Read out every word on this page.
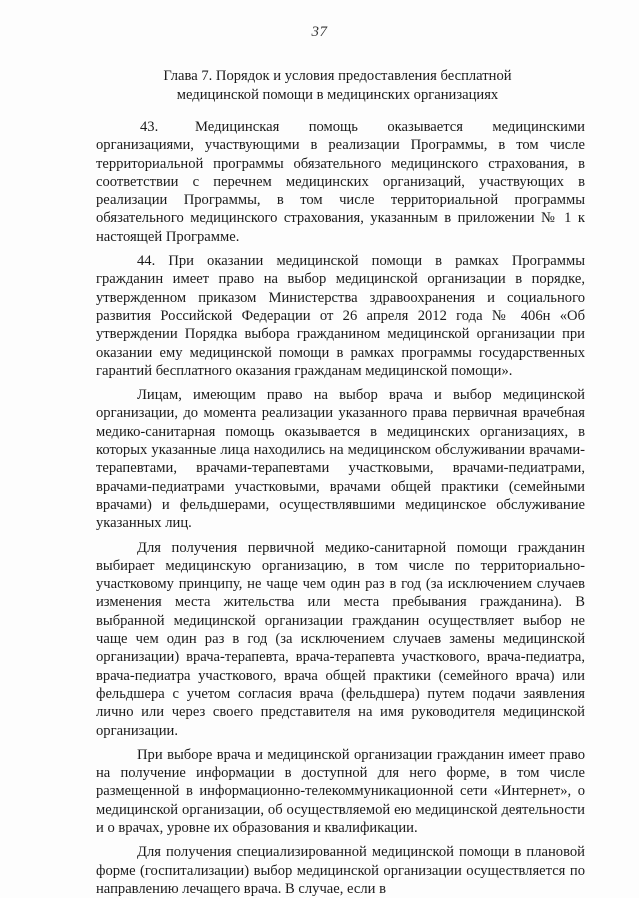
37
Глава 7. Порядок и условия предоставления бесплатной
медицинской помощи в медицинских организациях

43.     Медицинская    помощь    оказывается    медицинскими организациями, участвующими в реализации Программы, в том числе территориальной программы обязательного медицинского страхования, в соответствии с перечнем медицинских организаций, участвующих в реализации Программы, в том числе территориальной программы обязательного медицинского страхования, указанным в приложении № 1 к настоящей Программе.

44. При оказании медицинской помощи в рамках Программы гражданин имеет право на выбор медицинской организации в порядке, утвержденном приказом Министерства здравоохранения и социального развития Российской Федерации от 26 апреля 2012 года № 406н «Об утверждении Порядка выбора гражданином медицинской организации при оказании ему медицинской помощи в рамках программы государственных гарантий бесплатного оказания гражданам медицинской помощи».

Лицам, имеющим право на выбор врача и выбор медицинской организации, до момента реализации указанного права первичная врачебная медико-санитарная помощь оказывается в медицинских организациях, в которых указанные лица находились на медицинском обслуживании врачами-терапевтами, врачами-терапевтами участковыми, врачами-педиатрами, врачами-педиатрами участковыми, врачами общей практики (семейными врачами) и фельдшерами, осуществлявшими медицинское обслуживание указанных лиц.

Для получения первичной медико-санитарной помощи гражданин выбирает медицинскую организацию, в том числе по территориально-участковому принципу, не чаще чем один раз в год (за исключением случаев изменения места жительства или места пребывания гражданина). В выбранной медицинской организации гражданин осуществляет выбор не чаще чем один раз в год (за исключением случаев замены медицинской организации) врача-терапевта, врача-терапевта участкового, врача-педиатра, врача-педиатра участкового, врача общей практики (семейного врача) или фельдшера с учетом согласия врача (фельдшера) путем подачи заявления лично или через своего представителя на имя руководителя медицинской организации.

При выборе врача и медицинской организации гражданин имеет право на получение информации в доступной для него форме, в том числе размещенной в информационно-телекоммуникационной сети «Интернет», о медицинской организации, об осуществляемой ею медицинской деятельности и о врачах, уровне их образования и квалификации.

Для получения специализированной медицинской помощи в плановой форме (госпитализации) выбор медицинской организации осуществляется по направлению лечащего врача. В случае, если в
